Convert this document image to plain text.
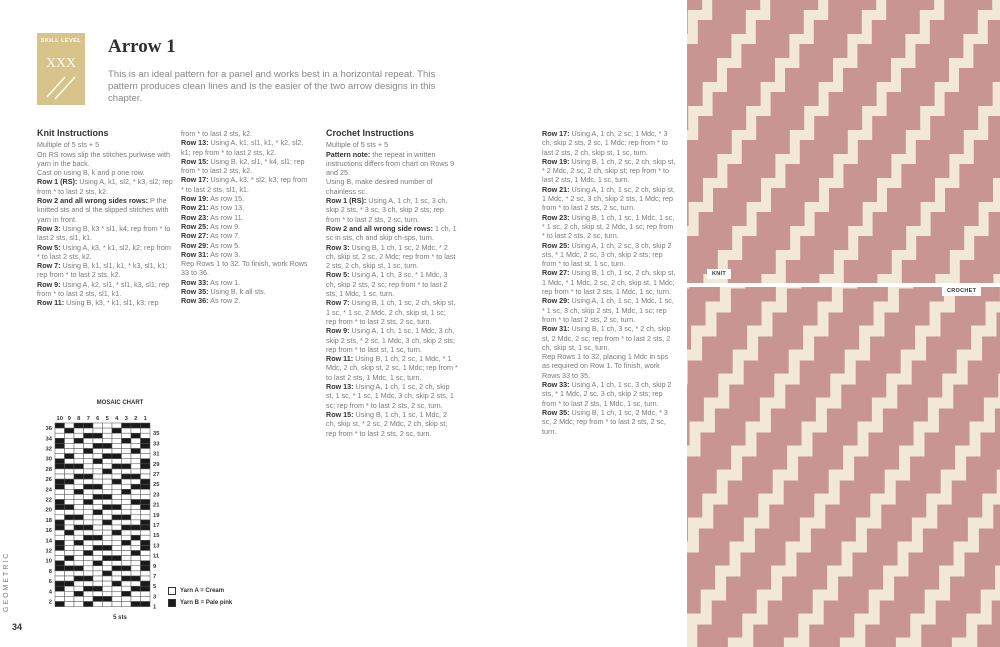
SKILL LEVEL
XXX
Arrow 1
This is an ideal pattern for a panel and works best in a horizontal repeat. This pattern produces clean lines and is the easier of the two arrow designs in this chapter.
Knit Instructions

Multiple of 5 sts + 5

On RS rows slip the stitches purlwise with yarn in the back.

Cast on using B, k and p one row.

Row 1 (RS): Using A, k1, sl2, * k3, sl2; rep from * to last 2 sts, k2.

Row 2 and all wrong sides rows: P the knitted sts and sl the slipped stitches with yarn in front.

Row 3: Using B, k3 * sl1, k4; rep from * to last 2 sts, sl1, k1.

Row 5: Using A, k3, * k1, sl2, k2; rep from * to last 2 sts, k2.

Row 7: Using B, k1, sl1, k1, * k3, sl1, k1; rep from * to last 2 sts, k2.

Row 9: Using A, k2, sl1, * sl1, k3, sl1; rep from * to last 2 sts, sl1, k1.

Row 11: Using B, k3, * k1, sl1, k3; rep

from * to last 2 sts, k2.

Row 13: Using A, k1, sl1, k1, * k2, sl2, k1; rep from * to last 2 sts, k2.

Row 15: Using B, k2, sl1, * k4, sl1; rep from * to last 2 sts, k2.

Row 17: Using A, k3, * sl2, k3; rep from * to last 2 sts, sl1, k1.

Row 19: As row 15.

Row 21: As row 13.

Row 23: As row 11.

Row 25: As row 9.

Row 27: As row 7.

Row 29: As row 5.

Row 31: As row 3.

Rep Rows 1 to 32. To finish, work Rows 33 to 36.

Row 33: As row 1.

Row 35: Using B, k all sts.

Row 36: As row 2.

Crochet Instructions

Multiple of 5 sts + 5

Pattern note: the repeat in written instructions differs from chart on Rows 9 and 25.

Using B, make desired number of chainless sc.

Row 1 (RS): Using A, 1 ch, 1 sc, 3 ch, skip 2 sts, * 3 sc, 3 ch, skip 2 sts; rep from * to last 2 sts, 2 sc, turn.

Row 2 and all wrong side rows: 1 ch, 1 sc in sts, ch and skip ch-sps, turn.

Row 3: Using B, 1 ch, 1 sc, 2 Mdc, * 2 ch, skip st, 2 sc, 2 Mdc; rep from * to last 2 sts, 2 ch, skip st, 1 sc, turn.

Row 5: Using A, 1 ch, 3 sc, * 1 Mdc, 3 ch, skip 2 sts, 2 sc; rep from * to last 2 sts, 1 Mdc, 1 sc, turn.

Row 7: Using B, 1 ch, 1 sc, 2 ch, skip st, 1 sc, * 1 sc, 2 Mdc, 2 ch, skip st, 1 sc; rep from * to last 2 sts, 2 sc, turn.

Row 9: Using A, 1 ch, 1 sc, 1 Mdc, 3 ch, skip 2 sts, * 2 sc, 1 Mdc, 3 ch, skip 2 sts; rep from * to last st, 1 sc, turn.

Row 11: Using B, 1 ch, 2 sc, 1 Mdc, * 1 Mdc, 2 ch, skip st, 2 sc, 1 Mdc; rep from * to last 2 sts, 1 Mdc, 1 sc, turn.

Row 13: Using A, 1 ch, 1 sc, 2 ch, skip st, 1 sc, * 1 sc, 1 Mdc, 3 ch, skip 2 sts, 1 sc; rep from * to last 2 sts, 2 sc, turn.

Row 15: Using B, 1 ch, 1 sc, 1 Mdc, 2 ch, skip st, * 2 sc, 2 Mdc, 2 ch, skip st; rep from * to last 2 sts, 2 sc, turn.

Row 17: Using A, 1 ch, 2 sc, 1 Mdc, * 3 ch, skip 2 sts, 2 sc, 1 Mdc; rep from * to last 2 sts, 2 ch, skip st, 1 sc, turn.

Row 19: Using B, 1 ch, 2 sc, 2 ch, skip st, * 2 Mdc, 2 sc, 2 ch, skip st; rep from * to last 2 sts, 1 Mdc, 1 sc, turn.

Row 21: Using A, 1 ch, 1 sc, 2 ch, skip st, 1 Mdc, * 2 sc, 3 ch, skip 2 sts, 1 Mdc; rep from * to last 2 sts, 2 sc, turn.

Row 23: Using B, 1 ch, 1 sc, 1 Mdc, 1 sc, * 1 sc, 2 ch, skip st, 2 Mdc, 1 sc; rep from * to last 2 sts, 2 sc, turn.

Row 25: Using A, 1 ch, 2 sc, 3 ch, skip 2 sts, * 1 Mdc, 2 sc, 3 ch, skip 2 sts; rep from * to last st, 1 sc, turn.

Row 27: Using B, 1 ch, 1 sc, 2 ch, skip st, 1 Mdc, * 1 Mdc, 2 sc, 2 ch, skip st, 1 Mdc; rep from * to last 2 sts, 1 Mdc, 1 sc, turn.

Row 29: Using A, 1 ch, 1 sc, 1 Mdc, 1 sc, * 1 sc, 3 ch, skip 2 sts, 1 Mdc, 1 sc; rep from * to last 2 sts, 2 sc, turn.

Row 31: Using B, 1 ch, 3 sc, * 2 ch, skip st, 2 Mdc, 2 sc; rep from * to last 2 sts, 2 ch, skip st, 1 sc, turn.

Rep Rows 1 to 32, placing 1 Mdc in sps as required on Row 1. To finish, work Rows 33 to 35.

Row 33: Using A, 1 ch, 1 sc, 3 ch, skip 2 sts, * 1 Mdc, 2 sc, 3 ch, skip 2 sts; rep from * to last 2 sts, 1 Mdc, 1 sc, turn.

Row 35: Using B, 1 ch, 1 sc, 2 Mdc, * 3 sc, 2 Mdc; rep from * to last 2 sts, 2 sc, turn.

MOSAIC CHART
10 9 8 7 6 5 4 3 2 1
36
34
32
30
28
26
24
22
20
18
16
14
12
10
8
6
4
2
35
33
31
29
27
25
23
21
19
17
15
13
11
9
7
5
3
1
5 sts
Yarn A = Cream
Yarn B = Pale pink
GEOMETRIC
34
KNIT
CROCHET
